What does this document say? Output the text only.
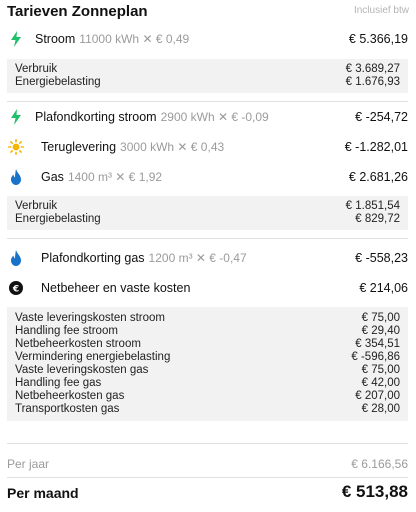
Tarieven Zonneplan	Inclusief btw
Stroom 11000 kWh ✕ € 0,49	€ 5.366,19
Verbruik	€ 3.689,27
Energiebelasting	€ 1.676,93
Plafondkorting stroom 2900 kWh ✕ € -0,09	€ -254,72
Teruglevering 3000 kWh ✕ € 0,43	€ -1.282,01
Gas 1400 m³ ✕ € 1,92	€ 2.681,26
Verbruik	€ 1.851,54
Energiebelasting	€ 829,72
Plafondkorting gas 1200 m³ ✕ € -0,47	€ -558,23
€ Netbeheer en vaste kosten	€ 214,06
Vaste leveringskosten stroom	€ 75,00
Handling fee stroom	€ 29,40
Netbeheerkosten stroom	€ 354,51
Vermindering energiebelasting	€ -596,86
Vaste leveringskosten gas	€ 75,00
Handling fee gas	€ 42,00
Netbeheerkosten gas	€ 207,00
Transportkosten gas	€ 28,00
Per jaar	€ 6.166,56
Per maand	€ 513,88
